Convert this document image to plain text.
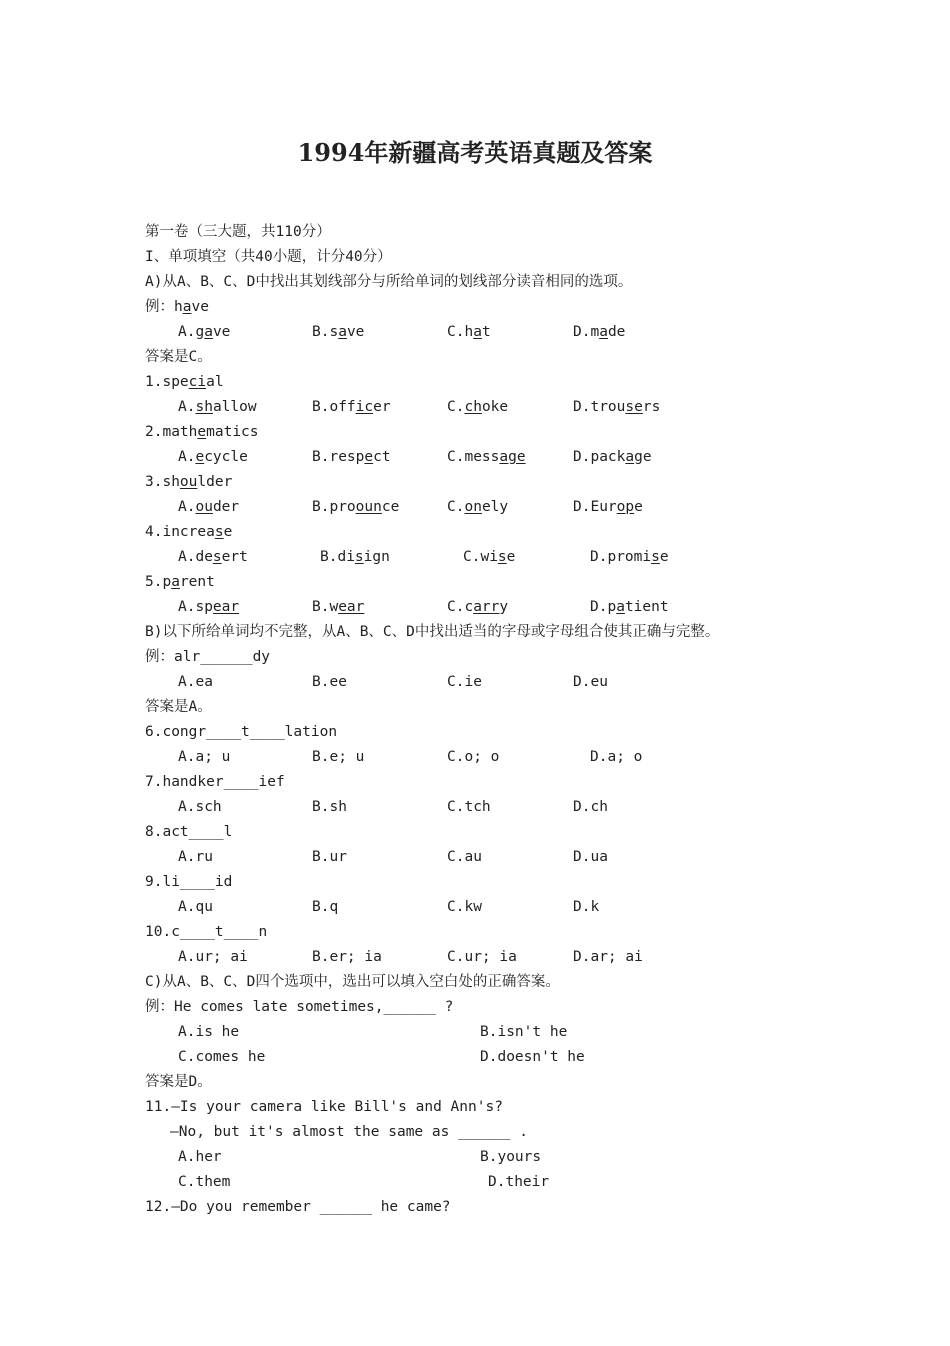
1994年新疆高考英语真题及答案
第一卷（三大题，共110分）
I、单项填空（共40小题，计分40分）
A)从A、B、C、D中找出其划线部分与所给单词的划线部分读音相同的选项。
例：have
A.gave	B.save	C.hat	D.made
答案是C。
1.special
A.shallow	B.officer	C.choke	D.trousers
2.mathematics
A.ecycle	B.respect	C.message	D.package
3.shoulder
A.ouder	B.proounce	C.onely	D.Europe
4.increase
A.desert	B.disign	C.wise	D.promise
5.parent
A.spear	B.wear	C.carry	D.patient
B)以下所给单词均不完整，从A、B、C、D中找出适当的字母或字母组合使其正确与完整。
例：alr______dy
A.ea	B.ee	C.ie	D.eu
答案是A。
6.congr____t____lation
A.a; u	B.e; u	C.o; o	D.a; o
7.handker____ief
A.sch	B.sh	C.tch	D.ch
8.act____l
A.ru	B.ur	C.au	D.ua
9.li____id
A.qu	B.q	C.kw	D.k
10.c____t____n
A.ur; ai	B.er; ia	C.ur; ia	D.ar; ai
C)从A、B、C、D四个选项中，选出可以填入空白处的正确答案。
例：He comes late sometimes,______ ?
A.is he	B.isn't he
C.comes he	D.doesn't he
答案是D。
11.—Is your camera like Bill's and Ann's?
—No, but it's almost the same as ______ .
A.her	B.yours
C.them	D.their
12.—Do you remember ______ he came?
